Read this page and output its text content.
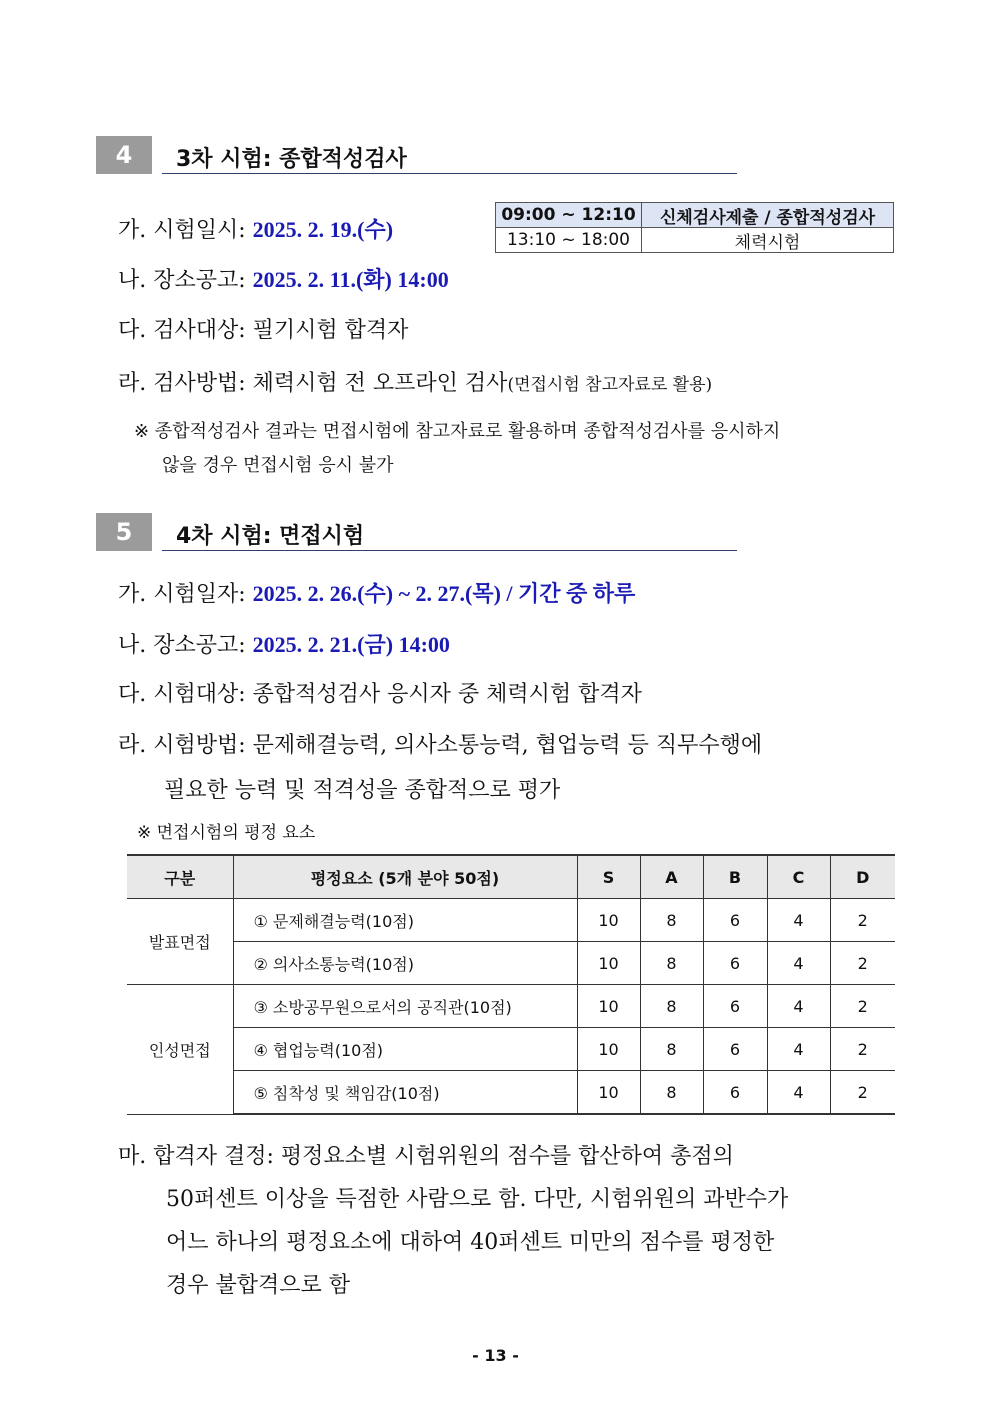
4	3차 시험: 종합적성검사
가. 시험일시: 2025. 2. 19.(수)
09:00 ~ 12:10	신체검사제출 / 종합적성검사
13:10 ~ 18:00	체력시험
나. 장소공고: 2025. 2. 11.(화) 14:00
다. 검사대상: 필기시험 합격자
라. 검사방법: 체력시험 전 오프라인 검사(면접시험 참고자료로 활용)
※ 종합적성검사 결과는 면접시험에 참고자료로 활용하며 종합적성검사를 응시하지
않을 경우 면접시험 응시 불가
5	4차 시험: 면접시험
가. 시험일자: 2025. 2. 26.(수) ~ 2. 27.(목) / 기간 중 하루
나. 장소공고: 2025. 2. 21.(금) 14:00
다. 시험대상: 종합적성검사 응시자 중 체력시험 합격자
라. 시험방법: 문제해결능력, 의사소통능력, 협업능력 등 직무수행에
필요한 능력 및 적격성을 종합적으로 평가
※ 면접시험의 평정 요소
구분	평정요소 (5개 분야 50점)	S	A	B	C	D
발표면접	① 문제해결능력(10점)	10	8	6	4	2
	② 의사소통능력(10점)	10	8	6	4	2
인성면접	③ 소방공무원으로서의 공직관(10점)	10	8	6	4	2
	④ 협업능력(10점)	10	8	6	4	2
	⑤ 침착성 및 책임감(10점)	10	8	6	4	2
마. 합격자 결정: 평정요소별 시험위원의 점수를 합산하여 총점의
50퍼센트 이상을 득점한 사람으로 함. 다만, 시험위원의 과반수가
어느 하나의 평정요소에 대하여 40퍼센트 미만의 점수를 평정한
경우 불합격으로 함
- 13 -
